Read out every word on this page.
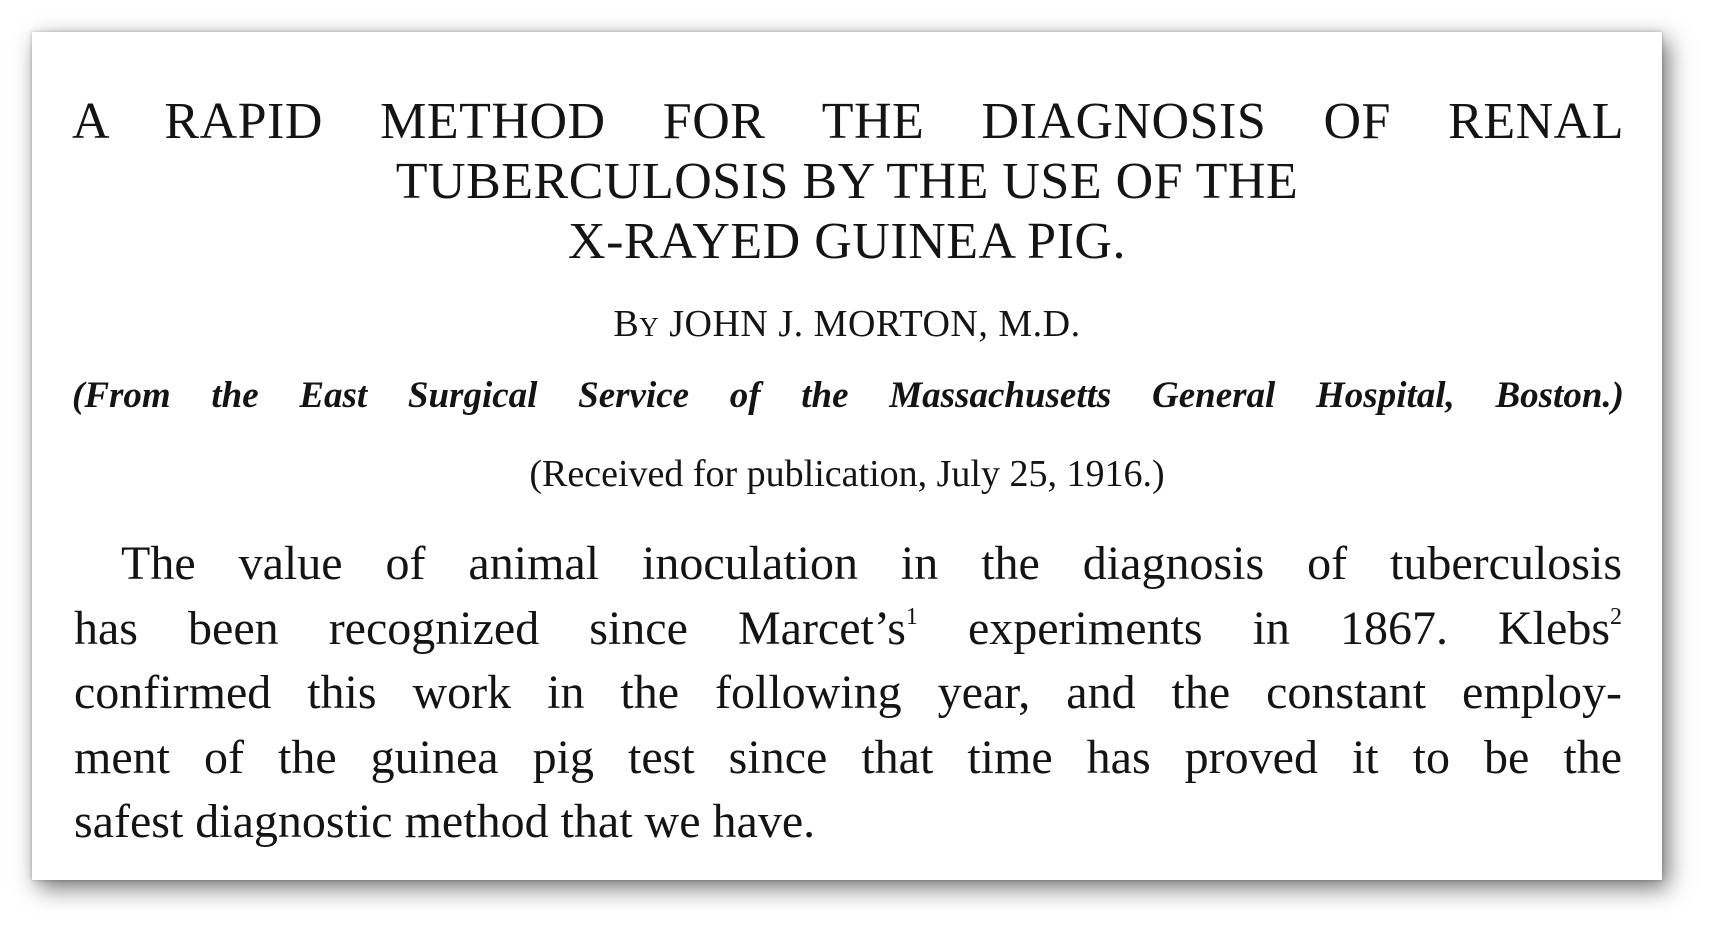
A RAPID METHOD FOR THE DIAGNOSIS OF RENAL
TUBERCULOSIS BY THE USE OF THE
X-RAYED GUINEA PIG.
By JOHN J. MORTON, M.D.
(From the East Surgical Service of the Massachusetts General Hospital, Boston.)
(Received for publication, July 25, 1916.)
The value of animal inoculation in the diagnosis of tuberculosis
has been recognized since $Marcet’s^1$ experiments in 1867. Klebs$^2$
confirmed this work in the following year, and the constant employ-
ment of the guinea pig test since that time has proved it to be the
safest diagnostic method that we have.
